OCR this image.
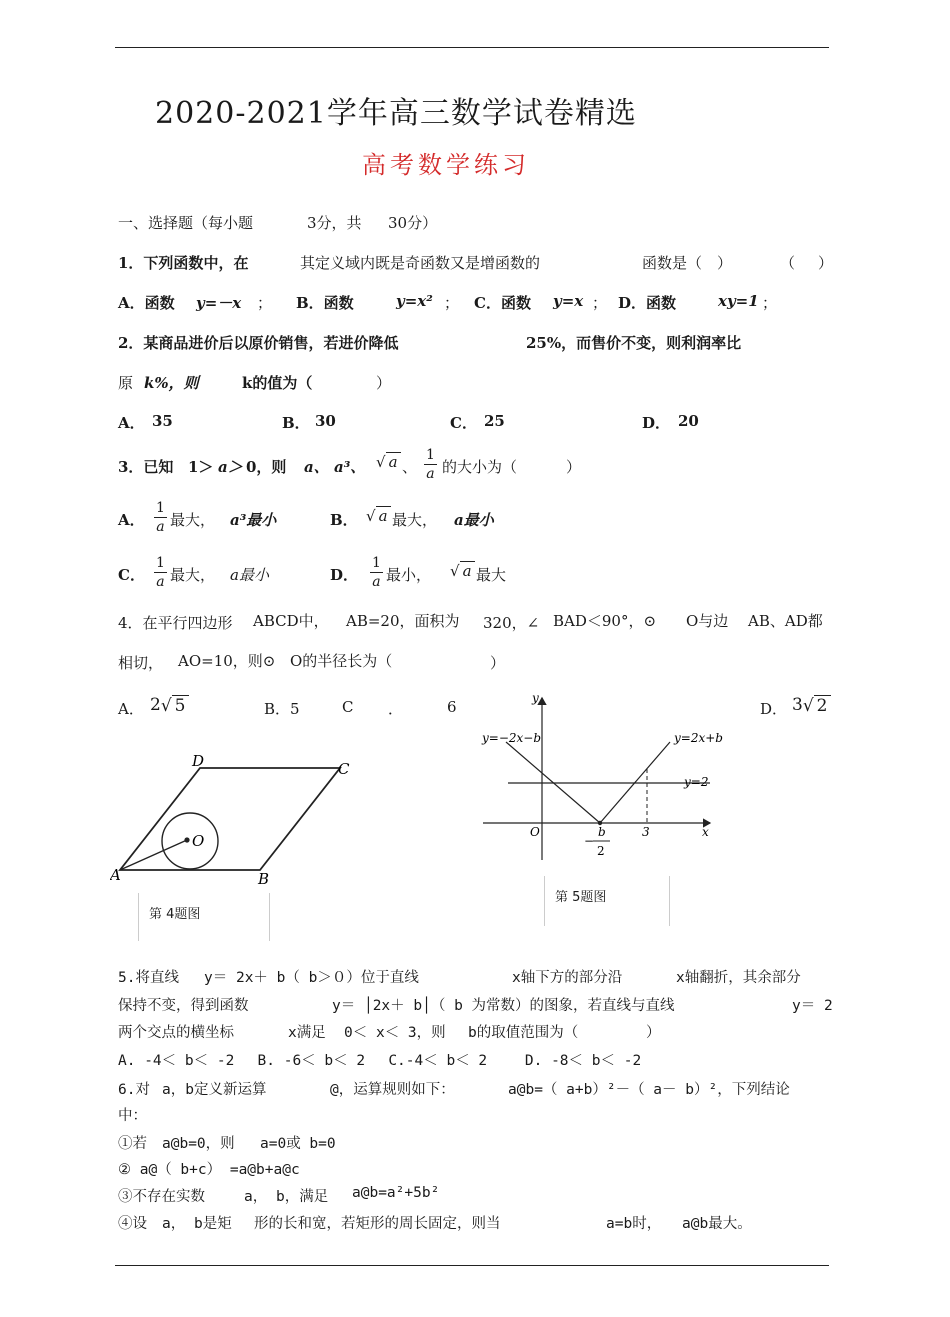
2020-2021学年高三数学试卷精选
高考数学练习
一、选择题（每小题	3分，共 30分）
1．下列函数中，在	其定义域内既是奇函数又是增函数的	函数是（　）	（ ）
A．函数 y=－x ； B．函数	y=x² ； C．函数 y=x ； D．函数	xy=1 ；
2．某商品进价后以原价销售，若进价降低	25%，而售价不变，则利润率比
原 k%，则	k的值为（	）
A． 35	B． 30	C． 25	D． 20
3．已知 1＞ a＞ 0，则 a、 a³、 √ a 、 $\frac{1}{a}$ 的大小为（	）
A． $\frac{1}{a}$ 最大， a³最小	B． √ a 最大， a最小
C． $\frac{1}{a}$ 最大， a最小	D． $\frac{1}{a}$ 最小， √ a 最大
4．在平行四边形 ABCD中， AB=20，面积为 320，∠ BAD＜90°，⊙ O与边 AB、AD都
相切， AO=10，则⊙ O的半径长为（	）
A． 2√ 5	B．5	C ．	6	D． 3√ 2
A	B
C
D
O
第 4题图
y
x
O
y=−2x−b	y=2x+b
y=2
3
b
−
2
第 5题图
5.将直线 y＝ 2x＋ b（ b＞０）位于直线	x轴下方的部分沿	x轴翻折，其余部分
保持不变，得到函数	y＝ │2x＋ b│（ b 为常数）的图象，若直线与直线	y＝ 2
两个交点的横坐标	x满足 0＜ x＜ 3，则 b的取值范围为（	）
A. -4＜ b＜ -2　 B. -6＜ b＜ 2　 C.-4＜ b＜ 2　　 D. -8＜ b＜ -2
6.对 a，b定义新运算	@，运算规则如下：	a@b=（ a+b）²－（ a－ b）²，下列结论
中：
①若 a@b=0，则 a=0或 b=0
② a@（ b+c） =a@b+a@c
③不存在实数	a， b，满足 a@b=a²+5b²
④设 a， b是矩 形的长和宽，若矩形的周长固定，则当	a=b时， a@b最大。
